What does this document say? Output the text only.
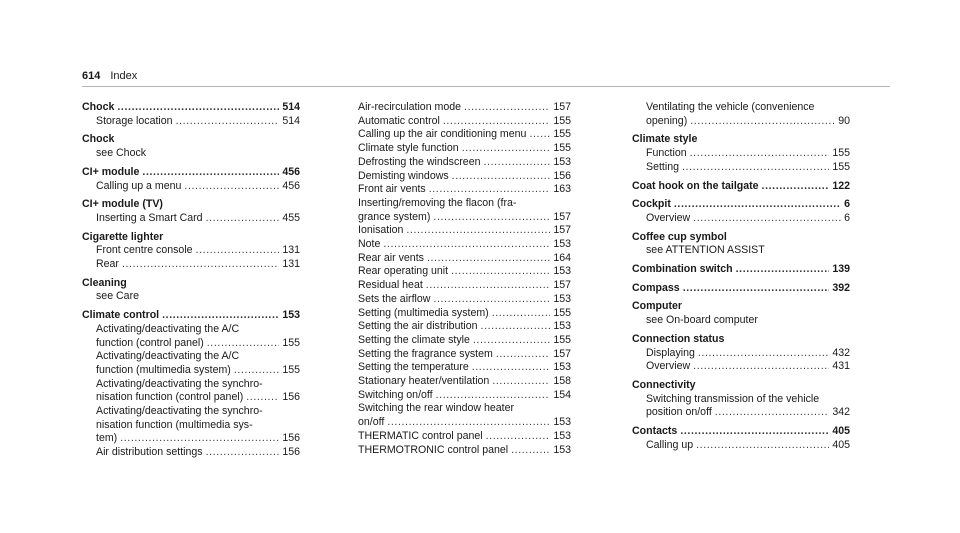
614 Index
Chock .....	514
Storage location .....	514
Chock
see Chock
CI+ module .....	456
Calling up a menu .....	456
CI+ module (TV)
Inserting a Smart Card .....	455
Cigarette lighter
Front centre console .....	131
Rear .....	131
Cleaning
see Care
Climate control .....	153
Activating/deactivating the A/C
function (control panel) .....	155
Activating/deactivating the A/C
function (multimedia system) .....	155
Activating/deactivating the synchro-
nisation function (control panel) .....	156
Activating/deactivating the synchro-
nisation function (multimedia sys-
tem) .....	156
Air distribution settings .....	156
Air-recirculation mode .....	157
Automatic control .....	155
Calling up the air conditioning menu .....	155
Climate style function .....	155
Defrosting the windscreen .....	153
Demisting windows .....	156
Front air vents .....	163
Inserting/removing the flacon (fra-
grance system) .....	157
Ionisation .....	157
Note .....	153
Rear air vents .....	164
Rear operating unit .....	153
Residual heat .....	157
Sets the airflow .....	153
Setting (multimedia system) .....	155
Setting the air distribution .....	153
Setting the climate style .....	155
Setting the fragrance system .....	157
Setting the temperature .....	153
Stationary heater/ventilation .....	158
Switching on/off .....	154
Switching the rear window heater
on/off .....	153
THERMATIC control panel .....	153
THERMOTRONIC control panel .....	153
Ventilating the vehicle (convenience
opening) .....	90
Climate style
Function .....	155
Setting .....	155
Coat hook on the tailgate .....	122
Cockpit .....	6
Overview .....	6
Coffee cup symbol
see ATTENTION ASSIST
Combination switch .....	139
Compass .....	392
Computer
see On-board computer
Connection status
Displaying .....	432
Overview .....	431
Connectivity
Switching transmission of the vehicle
position on/off .....	342
Contacts .....	405
Calling up .....	405
